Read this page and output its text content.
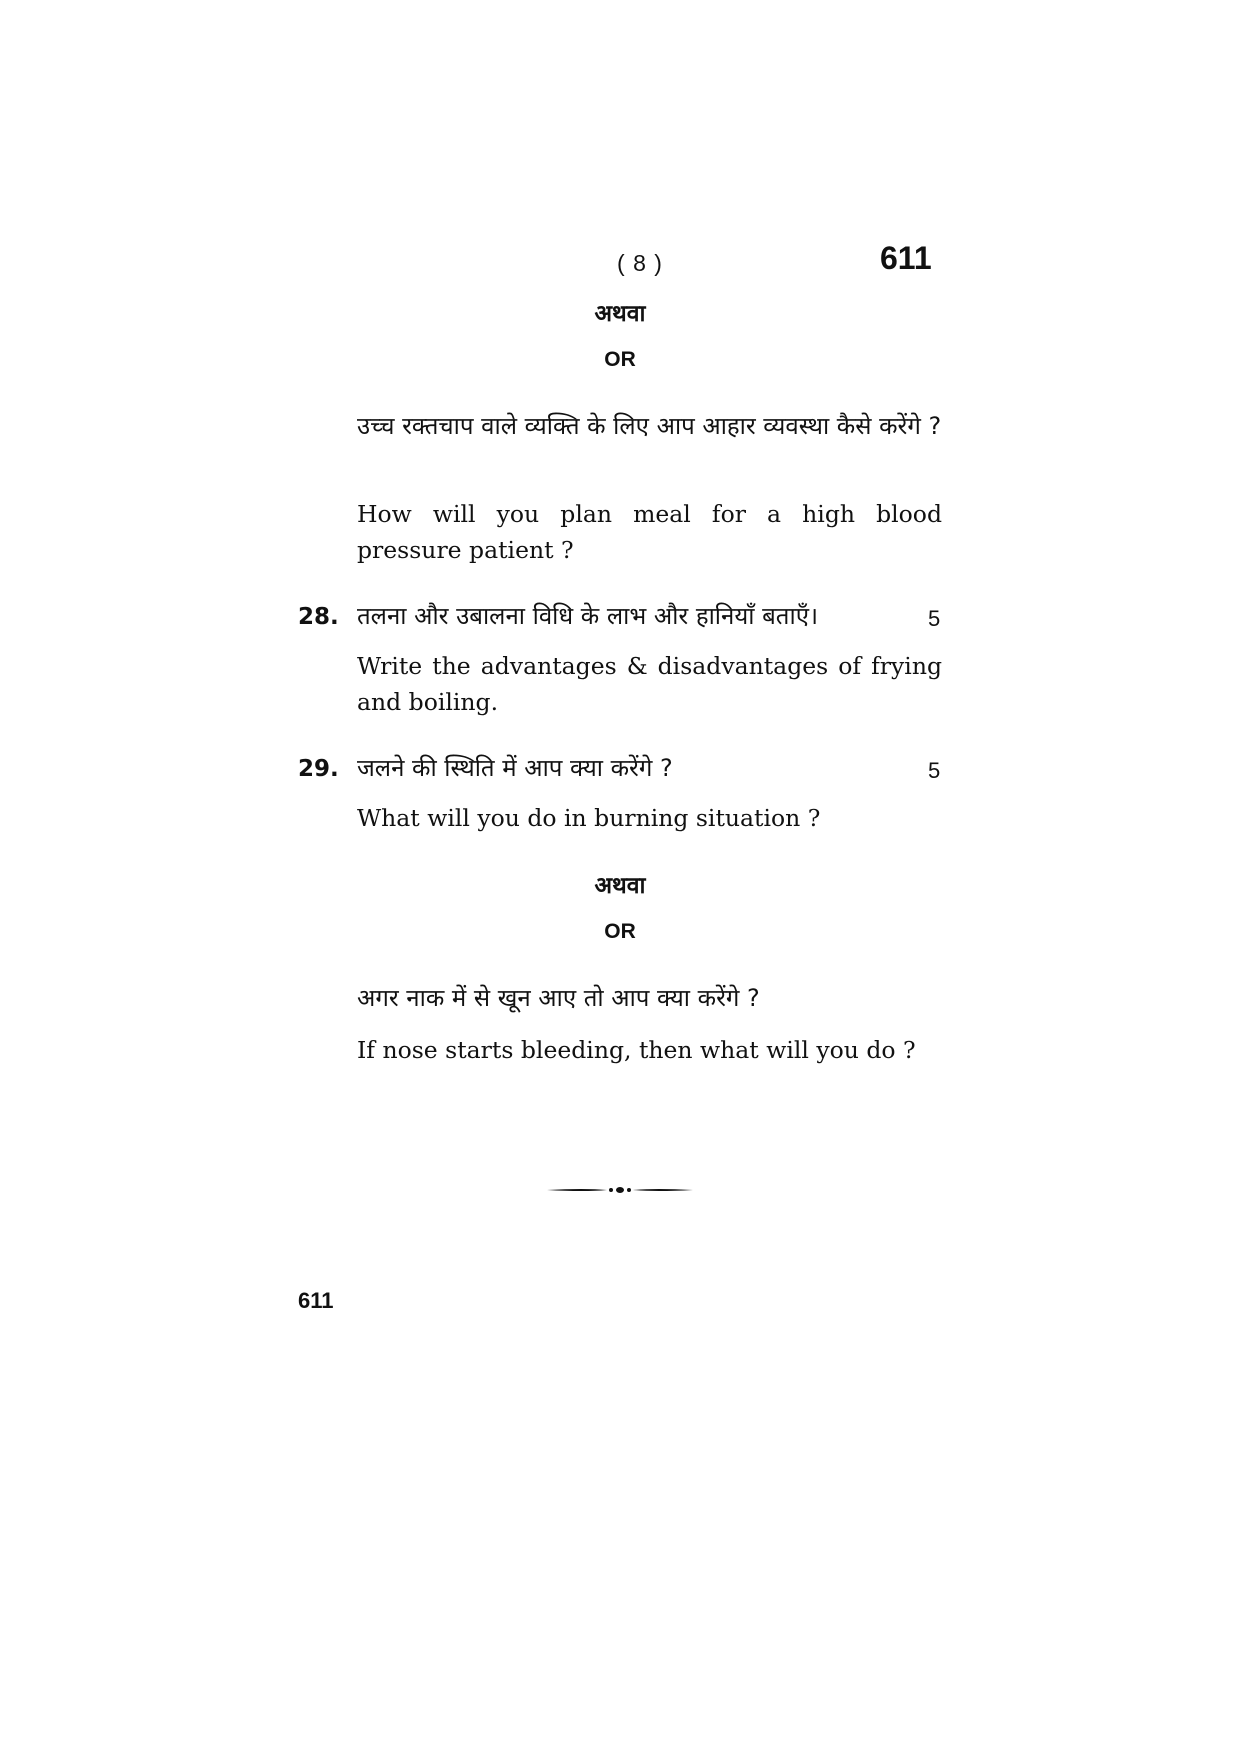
( 8 )	611
अथवा
OR
उच्च रक्तचाप वाले व्यक्ति के लिए आप आहार व्यवस्था कैसे करेंगे ?
How will you plan meal for a high blood pressure patient ?
28. तलना और उबालना विधि के लाभ और हानियाँ बताएँ।	5
Write the advantages & disadvantages of frying and boiling.
29. जलने की स्थिति में आप क्या करेंगे ?	5
What will you do in burning situation ?
अथवा
OR
अगर नाक में से खून आए तो आप क्या करेंगे ?
If nose starts bleeding, then what will you do ?
611
